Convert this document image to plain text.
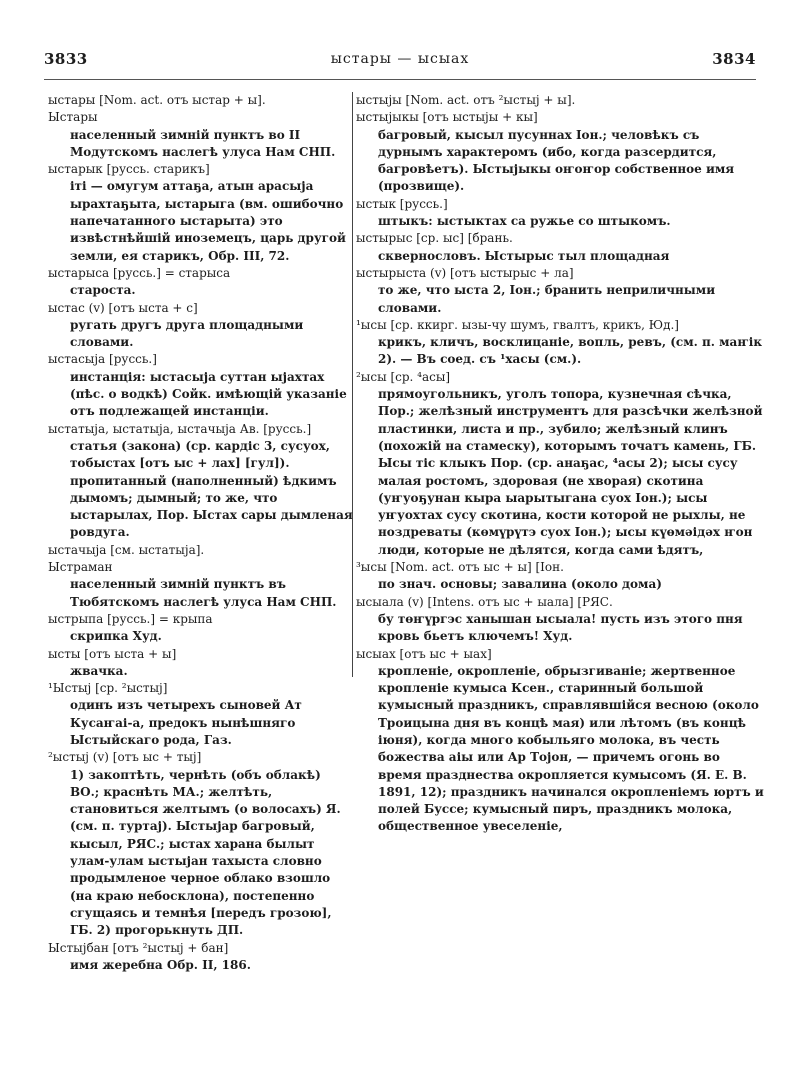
3833	ыстары — ысыах	3834

ыстары [Nom. act. отъ ыстар + ы].

Ыстары

населенный зимній пунктъ во II Модутскомъ наслегѣ улуса Нам СНП.

ыстарык [руссь. старикъ]

іті — омугум аттаҕа, атын арасыја ырахтаҕыта, ыстарыга (вм. ошибочно напечатанного ыстарыта) это извѣстнѣйшій иноземецъ, царь другой земли, ея старикъ, Обр. III, 72.

ыстарыса [руссь.] = старыса

староста.

ыстас (v) [отъ ыста + с]

ругать другъ друга площадными словами.

ыстасыја [руссь.]

инстанція: ыстасыја суттан ыјахтах (пѣс. о водкѣ) Сойк. имѣющій указаніе отъ подлежащей инстанціи.

ыстатыја, ыстатыја, ыстачыја Ав. [руссь.]

статья (закона) (ср. кардіс 3, сусуох, тобыстах [отъ ыс + лах] [гул]).

пропитанный (наполненный) ѣдкимъ дымомъ; дымный; то же, что ыстарылах, Пор. Ыстах сары дымленая ровдуга.

ыстачыја [см. ыстатыја].

Ыстраман

населенный зимній пунктъ въ Тюбятскомъ наслегѣ улуса Нам СНП.

ыстрыпа [руссь.] = крыпа

скрипка Худ.

ысты [отъ ыста + ы]

жвачка.

¹Ыстыј [ср. ²ыстыј]

одинъ изъ четырехъ сыновей Ат Кусаҥаі-а, предокъ нынѣшняго Ыстыйскаго рода, Газ.

²ыстыј (v) [отъ ыс + тыј]

1) закоптѣть, чернѣть (объ облакѣ) ВО.; краснѣть МА.; желтѣть, становиться желтымъ (о волосахъ) Я. (см. п. туртај). Ыстыјар багровый, кысыл, РЯС.; ыстах харана былыт улам-улам ыстыјан тахыста словно продымленое черное облако взошло (на краю небосклона), постепенно сгущаясь и темнѣя [передъ грозою], ГБ. 2) прогорькнуть ДП.

Ыстыјбан [отъ ²ыстыј + бан]

имя жеребна Обр. II, 186.

ыстыјы [Nom. act. отъ ²ыстыј + ы].

ыстыјыкы [отъ ыстыјы + кы]

багровый, кысыл пусуннах Іон.; человѣкъ съ дурнымъ характеромъ (ибо, когда разсердится, багровѣетъ). Ыстыјыкы оҥоҥор собственное имя (прозвище).

ыстык [руссь.]

штыкъ: ыстыктах са ружье со штыкомъ.

ыстырыс [ср. ыс] [брань.

сквернословъ. Ыстырыс тыл площадная

ыстырыста (v) [отъ ыстырыс + ла]

то же, что ыста 2, Іон.; бранить неприличными словами.

¹ысы [ср. ккирг. ызы-чу шумъ, гвалтъ, крикъ, Юд.]

крикъ, кличъ, восклицаніе, вопль, ревъ, (см. п. маҥік 2). — Въ соед. съ ¹хасы (см.).

²ысы [ср. ⁴асы]

прямоугольникъ, уголъ топора, кузнечная сѣчка, Пор.; желѣзный инструментъ для разсѣчки желѣзной пластинки, листа и пр., зубило; желѣзный клинъ (похожій на стамеску), которымъ точатъ камень, ГБ. Ысы тіс клыкъ Пор. (ср. анаҕас, ⁴асы 2); ысы сусу малая ростомъ, здоровая (не хворая) скотина (уҥуоҕунан кыра ыарытыгана суох Іон.); ысы уҥуохтах сусу скотина, кости которой не рыхлы, не ноздреваты (көмүрүтэ суох Іон.); ысы күөмәідәх ҥон люди, которые не дѣлятся, когда сами ѣдятъ,

³ысы [Nom. act. отъ ыс + ы] [Іон.

по знач. основы; завалина (около дома)

ысыала (v) [Intens. отъ ыс + ыала] [РЯС.

бу төҥүргэс ханышан ысыала! пусть изъ этого пня кровь бьетъ ключемъ! Худ.

ысыах [отъ ыс + ыах]

кропленіе, окропленіе, обрызгиваніе; жертвенное кропленіе кумыса Ксен., старинный большой кумысный праздникъ, справлявшійся весною (около Троицына дня въ концѣ мая) или лѣтомъ (въ концѣ іюня), когда много кобыльяго молока, въ честь божества аіы или Ар Тојон, — причемъ огонь во время празднества окропляется кумысомъ (Я. Е. В. 1891, 12); праздникъ начинался окропленіемъ юртъ и полей Буссе; кумысный пиръ, праздникъ молока, общественное увеселеніе,
